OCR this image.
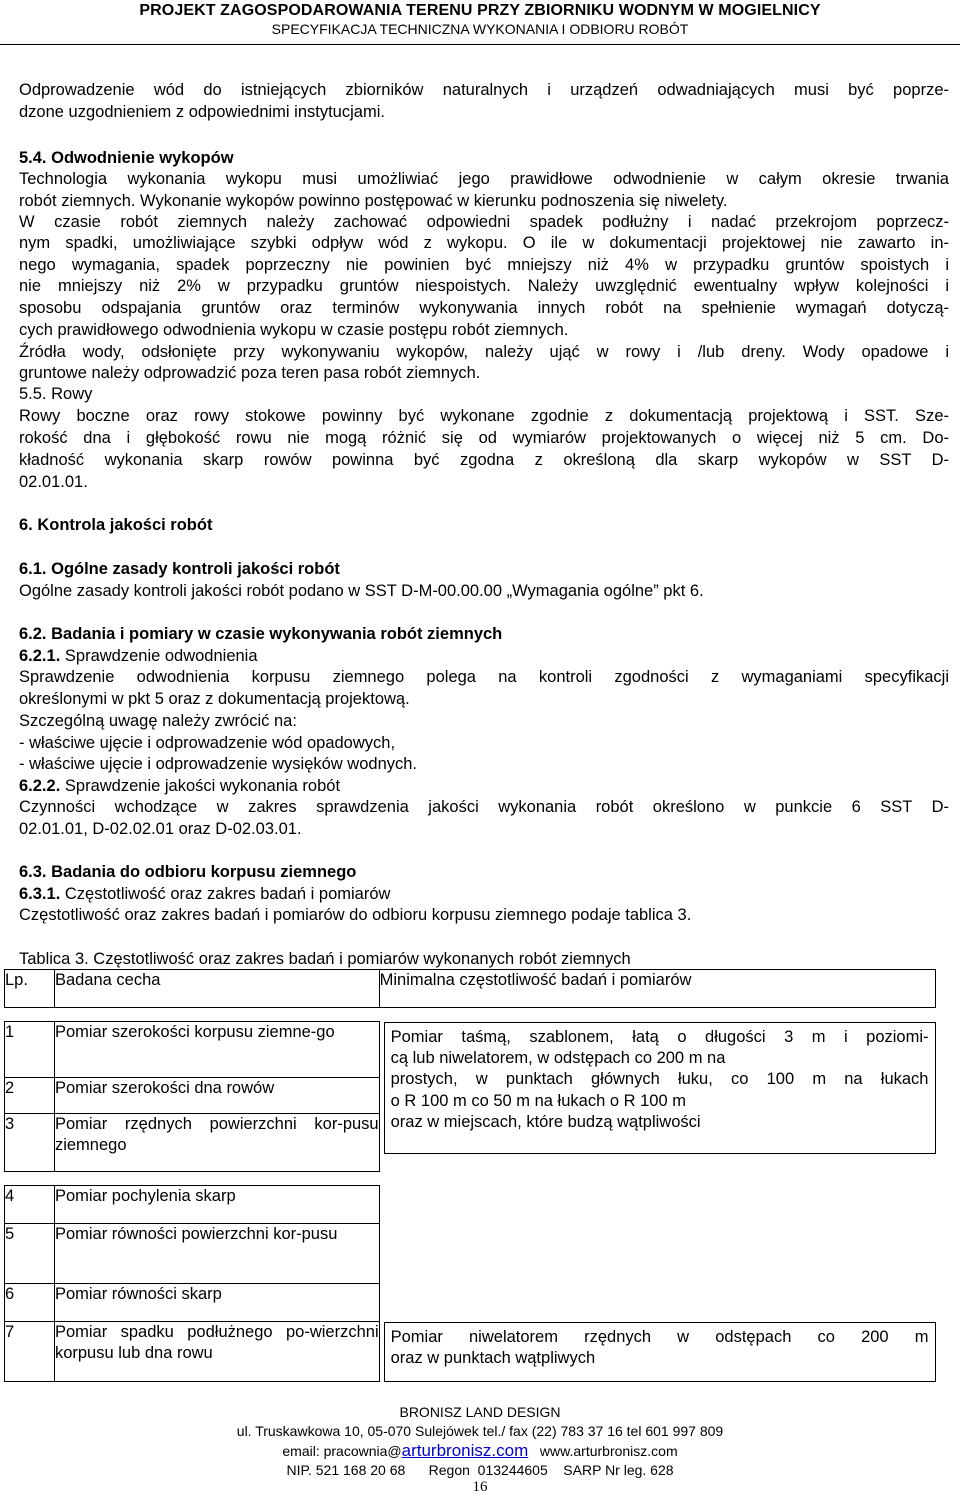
PROJEKT ZAGOSPODAROWANIA TERENU PRZY ZBIORNIKU WODNYM W MOGIELNICY
SPECYFIKACJA TECHNICZNA WYKONANIA I ODBIORU ROBÓT
Odprowadzenie wód do istniejących zbiorników naturalnych i urządzeń odwadniających musi być poprze-
dzone uzgodnieniem z odpowiednimi instytucjami.
5.4. Odwodnienie wykopów
Technologia wykonania wykopu musi umożliwiać jego prawidłowe odwodnienie w całym okresie trwania
robót ziemnych. Wykonanie wykopów powinno postępować w kierunku podnoszenia się niwelety.
W czasie robót ziemnych należy zachować odpowiedni spadek podłużny i nadać przekrojom poprzecz-
nym spadki, umożliwiające szybki odpływ wód z wykopu. O ile w dokumentacji projektowej nie zawarto in-
nego wymagania, spadek poprzeczny nie powinien być mniejszy niż 4% w przypadku gruntów spoistych i
nie mniejszy niż 2% w przypadku gruntów niespoistych. Należy uwzględnić ewentualny wpływ kolejności i
sposobu odspajania gruntów oraz terminów wykonywania innych robót na spełnienie wymagań dotyczą-
cych prawidłowego odwodnienia wykopu w czasie postępu robót ziemnych.
Źródła wody, odsłonięte przy wykonywaniu wykopów, należy ująć w rowy i /lub dreny. Wody opadowe i
gruntowe należy odprowadzić poza teren pasa robót ziemnych.
5.5. Rowy
Rowy boczne oraz rowy stokowe powinny być wykonane zgodnie z dokumentacją projektową i SST. Sze-
rokość dna i głębokość rowu nie mogą różnić się od wymiarów projektowanych o więcej niż 5 cm. Do-
kładność wykonania skarp rowów powinna być zgodna z określoną dla skarp wykopów w SST D-
02.01.01.
6. Kontrola jakości robót
6.1. Ogólne zasady kontroli jakości robót
Ogólne zasady kontroli jakości robót podano w SST D-M-00.00.00 „Wymagania ogólne” pkt 6.
6.2. Badania i pomiary w czasie wykonywania robót ziemnych
6.2.1. Sprawdzenie odwodnienia
Sprawdzenie odwodnienia korpusu ziemnego polega na kontroli zgodności z wymaganiami specyfikacji
określonymi w pkt 5 oraz z dokumentacją projektową.
Szczególną uwagę należy zwrócić na:
- właściwe ujęcie i odprowadzenie wód opadowych,
- właściwe ujęcie i odprowadzenie wysięków wodnych.
6.2.2. Sprawdzenie jakości wykonania robót
Czynności wchodzące w zakres sprawdzenia jakości wykonania robót określono w punkcie 6 SST D-
02.01.01, D-02.02.01 oraz D-02.03.01.
6.3. Badania do odbioru korpusu ziemnego
6.3.1. Częstotliwość oraz zakres badań i pomiarów
Częstotliwość oraz zakres badań i pomiarów do odbioru korpusu ziemnego podaje tablica 3.
Tablica 3. Częstotliwość oraz zakres badań i pomiarów wykonanych robót ziemnych
Lp.	Badana cecha	Minimalna częstotliwość badań i pomiarów

1	Pomiar szerokości korpusu ziemne-go	Pomiar taśmą, szablonem, łatą o długości 3 m i poziomi-
cą lub niwelatorem, w odstępach co 200 m na
prostych, w punktach głównych łuku, co 100 m na łukach
o R 100 m co 50 m na łukach o R 100 m
oraz w miejscach, które budzą wątpliwości

2	Pomiar szerokości dna rowów	
3	Pomiar rzędnych powierzchni kor-pusu ziemnego	

4	Pomiar pochylenia skarp	
5	Pomiar równości powierzchni kor-pusu	
6	Pomiar równości skarp	
7	Pomiar spadku podłużnego po-wierzchni korpusu lub dna rowu	Pomiar niwelatorem rzędnych w odstępach co 200 m
oraz w punktach wątpliwych
BRONISZ LAND DESIGN
ul. Truskawkowa 10, 05-070 Sulejówek tel./ fax (22) 783 37 16 tel 601 997 809
email: pracownia@arturbronisz.com www.arturbronisz.com
NIP. 521 168 20 68      Regon  013244605    SARP Nr leg. 628
16
